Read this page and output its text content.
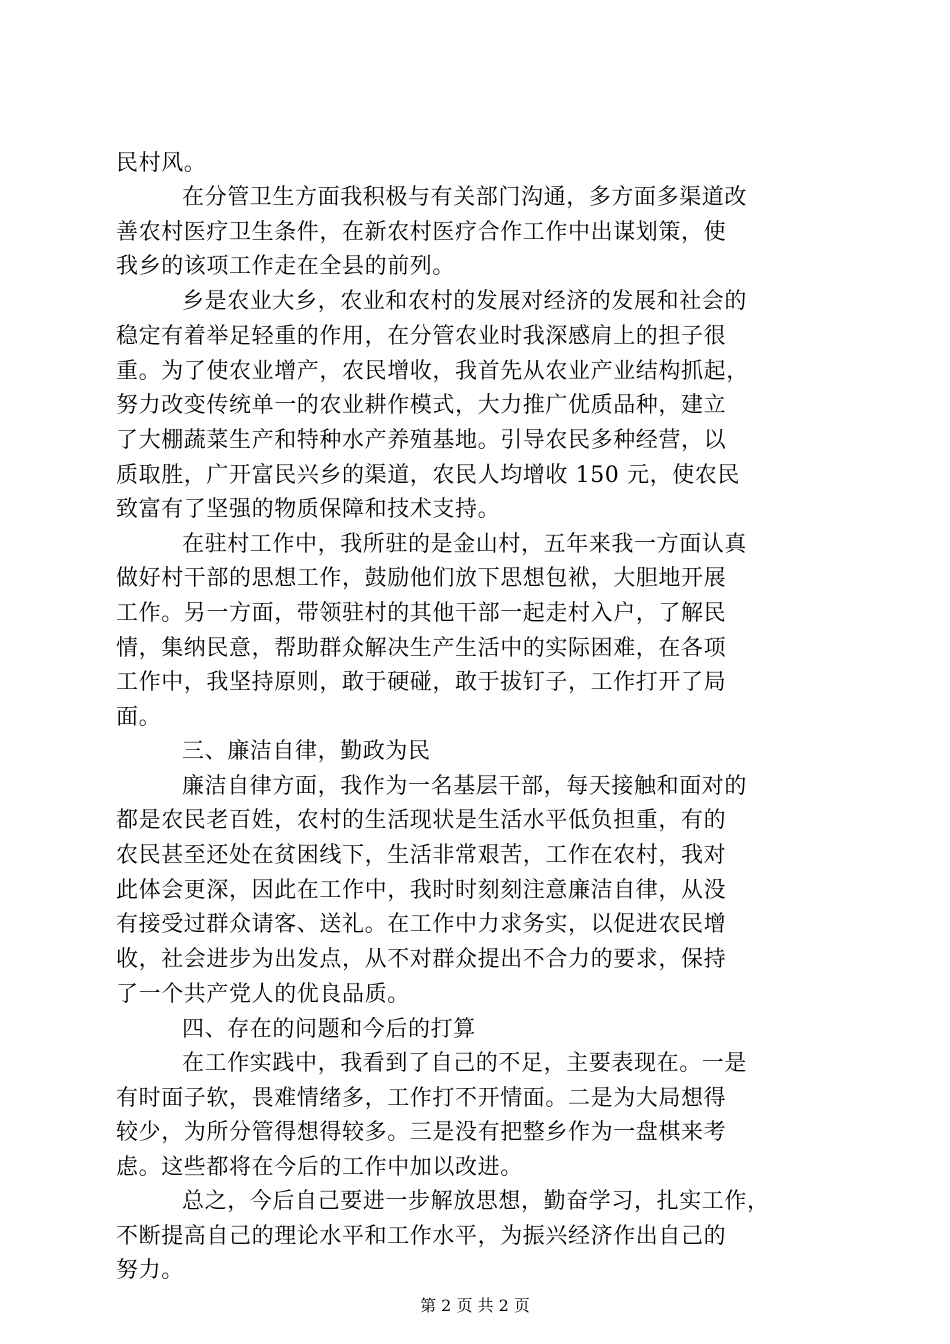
民村风。
在分管卫生方面我积极与有关部门沟通，多方面多渠道改
善农村医疗卫生条件，在新农村医疗合作工作中出谋划策，使
我乡的该项工作走在全县的前列。
乡是农业大乡，农业和农村的发展对经济的发展和社会的
稳定有着举足轻重的作用，在分管农业时我深感肩上的担子很
重。为了使农业增产，农民增收，我首先从农业产业结构抓起，
努力改变传统单一的农业耕作模式，大力推广优质品种，建立
了大棚蔬菜生产和特种水产养殖基地。引导农民多种经营，以
质取胜，广开富民兴乡的渠道，农民人均增收 150 元，使农民
致富有了坚强的物质保障和技术支持。
在驻村工作中，我所驻的是金山村，五年来我一方面认真
做好村干部的思想工作，鼓励他们放下思想包袱，大胆地开展
工作。另一方面，带领驻村的其他干部一起走村入户，了解民
情，集纳民意，帮助群众解决生产生活中的实际困难，在各项
工作中，我坚持原则，敢于硬碰，敢于拔钉子，工作打开了局
面。
三、廉洁自律，勤政为民
廉洁自律方面，我作为一名基层干部，每天接触和面对的
都是农民老百姓，农村的生活现状是生活水平低负担重，有的
农民甚至还处在贫困线下，生活非常艰苦，工作在农村，我对
此体会更深，因此在工作中，我时时刻刻注意廉洁自律，从没
有接受过群众请客、送礼。在工作中力求务实，以促进农民增
收，社会进步为出发点，从不对群众提出不合力的要求，保持
了一个共产党人的优良品质。
四、存在的问题和今后的打算
在工作实践中，我看到了自己的不足，主要表现在。一是
有时面子软，畏难情绪多，工作打不开情面。二是为大局想得
较少，为所分管得想得较多。三是没有把整乡作为一盘棋来考
虑。这些都将在今后的工作中加以改进。
总之，今后自己要进一步解放思想，勤奋学习，扎实工作，
不断提高自己的理论水平和工作水平，为振兴经济作出自己的
努力。
第 2 页 共 2 页
